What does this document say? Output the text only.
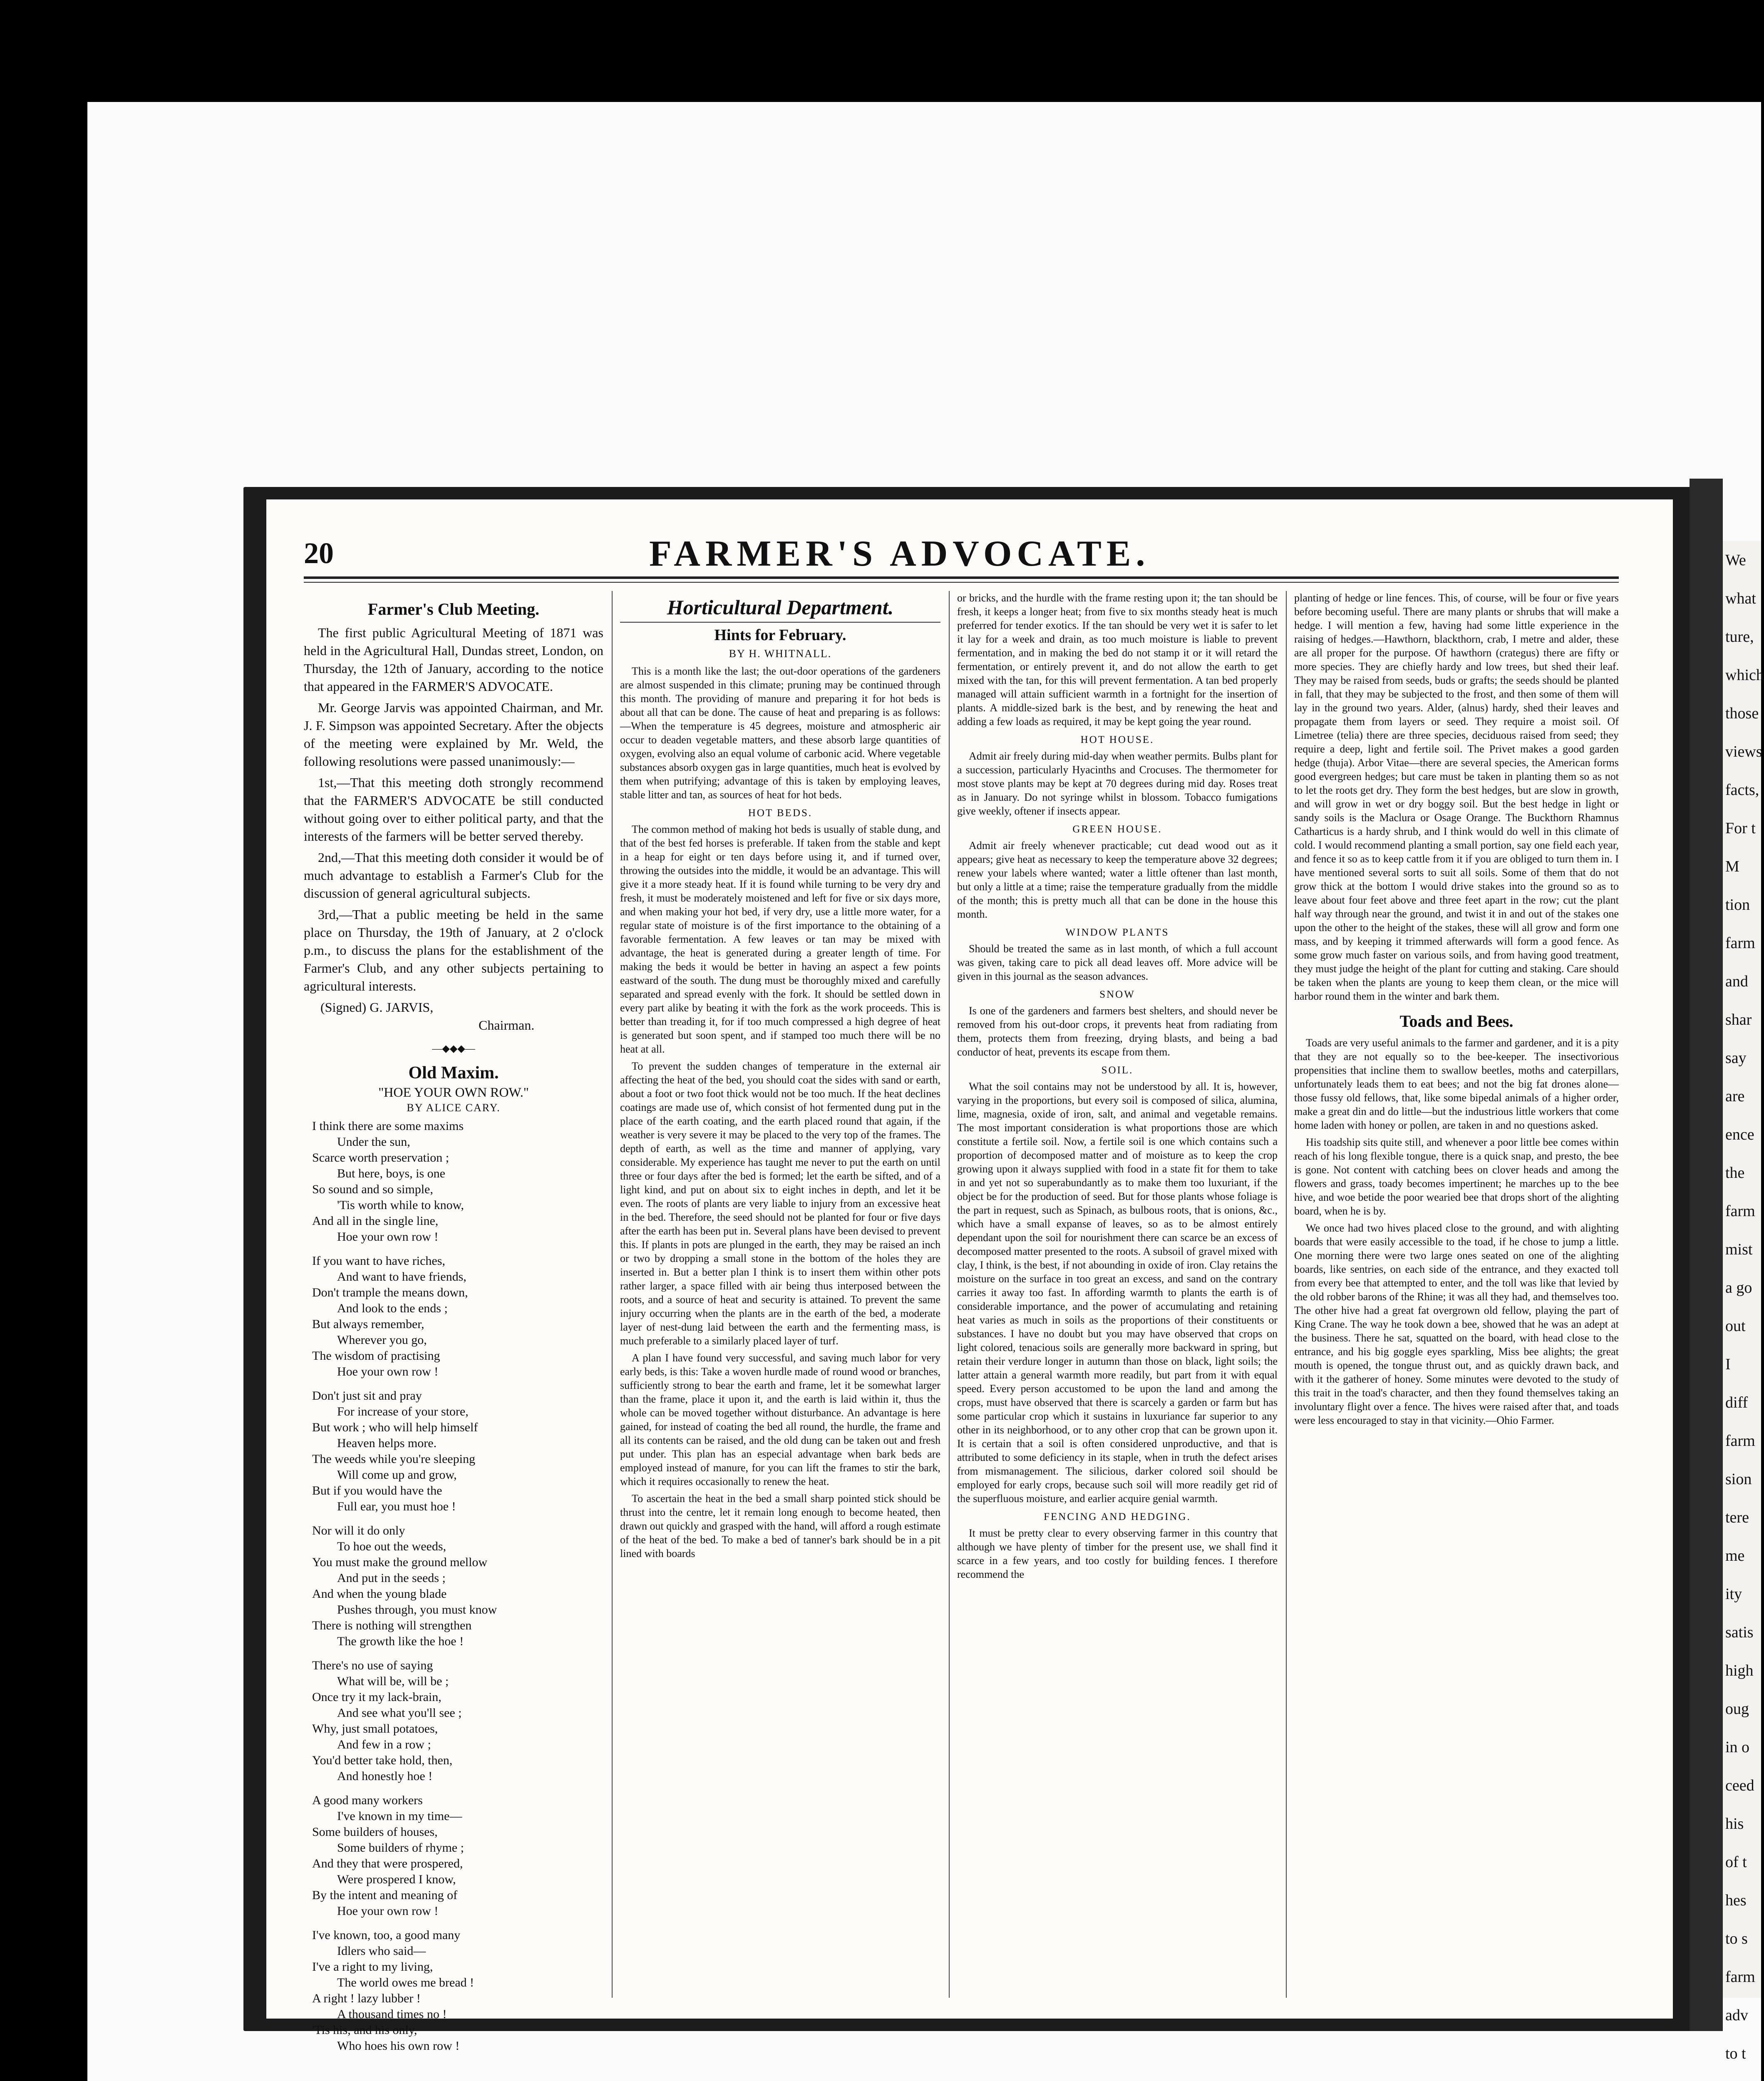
We
what
ture,
which
those
views
facts,
For t
M
tion
farm
and
shar
say
are
ence
the
farm
mist
a go
out
I
diff
farm
sion
tere
me
ity
satis
high
oug
in o
ceed
his
of t
hes
to s
farm
adv
to t
20	FARMER'S ADVOCATE.
Farmer's Club Meeting.

The first public Agricultural Meeting of 1871 was held in the Agricultural Hall, Dundas street, London, on Thursday, the 12th of January, according to the notice that appeared in the FARMER'S ADVOCATE.

Mr. George Jarvis was appointed Chairman, and Mr. J. F. Simpson was appointed Secretary. After the objects of the meeting were explained by Mr. Weld, the following resolutions were passed unanimously:—

1st,—That this meeting doth strongly recommend that the FARMER'S ADVOCATE be still conducted without going over to either political party, and that the interests of the farmers will be better served thereby.

2nd,—That this meeting doth consider it would be of much advantage to establish a Farmer's Club for the discussion of general agricultural subjects.

3rd,—That a public meeting be held in the same place on Thursday, the 19th of January, at 2 o'clock p.m., to discuss the plans for the establishment of the Farmer's Club, and any other subjects pertaining to agricultural interests.

(Signed) G. JARVIS,
Chairman.
—◆◆◆—
Old Maxim.
"HOE YOUR OWN ROW."
BY ALICE CARY.
I think there are some maxims
Under the sun,
Scarce worth preservation ;
But here, boys, is one
So sound and so simple,
'Tis worth while to know,
And all in the single line,
Hoe your own row !
If you want to have riches,
And want to have friends,
Don't trample the means down,
And look to the ends ;
But always remember,
Wherever you go,
The wisdom of practising
Hoe your own row !
Don't just sit and pray
For increase of your store,
But work ; who will help himself
Heaven helps more.
The weeds while you're sleeping
Will come up and grow,
But if you would have the
Full ear, you must hoe !
Nor will it do only
To hoe out the weeds,
You must make the ground mellow
And put in the seeds ;
And when the young blade
Pushes through, you must know
There is nothing will strengthen
The growth like the hoe !
There's no use of saying
What will be, will be ;
Once try it my lack-brain,
And see what you'll see ;
Why, just small potatoes,
And few in a row ;
You'd better take hold, then,
And honestly hoe !
A good many workers
I've known in my time—
Some builders of houses,
Some builders of rhyme ;
And they that were prospered,
Were prospered I know,
By the intent and meaning of
Hoe your own row !
I've known, too, a good many
Idlers who said—
I've a right to my living,
The world owes me bread !
A right ! lazy lubber !
A thousand times no !
'Tis his, and his only,
Who hoes his own row !
Horticultural Department.
Hints for February.
BY H. WHITNALL.

This is a month like the last; the out-door operations of the gardeners are almost suspended in this climate; pruning may be continued through this month. The providing of manure and preparing it for hot beds is about all that can be done. The cause of heat and preparing is as follows:—When the temperature is 45 degrees, moisture and atmospheric air occur to deaden vegetable matters, and these absorb large quantities of oxygen, evolving also an equal volume of carbonic acid. Where vegetable substances absorb oxygen gas in large quantities, much heat is evolved by them when putrifying; advantage of this is taken by employing leaves, stable litter and tan, as sources of heat for hot beds.

HOT BEDS.

The common method of making hot beds is usually of stable dung, and that of the best fed horses is preferable. If taken from the stable and kept in a heap for eight or ten days before using it, and if turned over, throwing the outsides into the middle, it would be an advantage. This will give it a more steady heat. If it is found while turning to be very dry and fresh, it must be moderately moistened and left for five or six days more, and when making your hot bed, if very dry, use a little more water, for a regular state of moisture is of the first importance to the obtaining of a favorable fermentation. A few leaves or tan may be mixed with advantage, the heat is generated during a greater length of time. For making the beds it would be better in having an aspect a few points eastward of the south. The dung must be thoroughly mixed and carefully separated and spread evenly with the fork. It should be settled down in every part alike by beating it with the fork as the work proceeds. This is better than treading it, for if too much compressed a high degree of heat is generated but soon spent, and if stamped too much there will be no heat at all.

To prevent the sudden changes of temperature in the external air affecting the heat of the bed, you should coat the sides with sand or earth, about a foot or two foot thick would not be too much. If the heat declines coatings are made use of, which consist of hot fermented dung put in the place of the earth coating, and the earth placed round that again, if the weather is very severe it may be placed to the very top of the frames. The depth of earth, as well as the time and manner of applying, vary considerable. My experience has taught me never to put the earth on until three or four days after the bed is formed; let the earth be sifted, and of a light kind, and put on about six to eight inches in depth, and let it be even. The roots of plants are very liable to injury from an excessive heat in the bed. Therefore, the seed should not be planted for four or five days after the earth has been put in. Several plans have been devised to prevent this. If plants in pots are plunged in the earth, they may be raised an inch or two by dropping a small stone in the bottom of the holes they are inserted in. But a better plan I think is to insert them within other pots rather larger, a space filled with air being thus interposed between the roots, and a source of heat and security is attained. To prevent the same injury occurring when the plants are in the earth of the bed, a moderate layer of nest-dung laid between the earth and the fermenting mass, is much preferable to a similarly placed layer of turf.

A plan I have found very successful, and saving much labor for very early beds, is this: Take a woven hurdle made of round wood or branches, sufficiently strong to bear the earth and frame, let it be somewhat larger than the frame, place it upon it, and the earth is laid within it, thus the whole can be moved together without disturbance. An advantage is here gained, for instead of coating the bed all round, the hurdle, the frame and all its contents can be raised, and the old dung can be taken out and fresh put under. This plan has an especial advantage when bark beds are employed instead of manure, for you can lift the frames to stir the bark, which it requires occasionally to renew the heat.

To ascertain the heat in the bed a small sharp pointed stick should be thrust into the centre, let it remain long enough to become heated, then drawn out quickly and grasped with the hand, will afford a rough estimate of the heat of the bed. To make a bed of tanner's bark should be in a pit lined with boards

or bricks, and the hurdle with the frame resting upon it; the tan should be fresh, it keeps a longer heat; from five to six months steady heat is much preferred for tender exotics. If the tan should be very wet it is safer to let it lay for a week and drain, as too much moisture is liable to prevent fermentation, and in making the bed do not stamp it or it will retard the fermentation, or entirely prevent it, and do not allow the earth to get mixed with the tan, for this will prevent fermentation. A tan bed properly managed will attain sufficient warmth in a fortnight for the insertion of plants. A middle-sized bark is the best, and by renewing the heat and adding a few loads as required, it may be kept going the year round.

HOT HOUSE.

Admit air freely during mid-day when weather permits. Bulbs plant for a succession, particularly Hyacinths and Crocuses. The thermometer for most stove plants may be kept at 70 degrees during mid day. Roses treat as in January. Do not syringe whilst in blossom. Tobacco fumigations give weekly, oftener if insects appear.

GREEN HOUSE.

Admit air freely whenever practicable; cut dead wood out as it appears; give heat as necessary to keep the temperature above 32 degrees; renew your labels where wanted; water a little oftener than last month, but only a little at a time; raise the temperature gradually from the middle of the month; this is pretty much all that can be done in the house this month.

WINDOW PLANTS

Should be treated the same as in last month, of which a full account was given, taking care to pick all dead leaves off. More advice will be given in this journal as the season advances.

SNOW

Is one of the gardeners and farmers best shelters, and should never be removed from his out-door crops, it prevents heat from radiating from them, protects them from freezing, drying blasts, and being a bad conductor of heat, prevents its escape from them.

SOIL.

What the soil contains may not be understood by all. It is, however, varying in the proportions, but every soil is composed of silica, alumina, lime, magnesia, oxide of iron, salt, and animal and vegetable remains. The most important consideration is what proportions those are which constitute a fertile soil. Now, a fertile soil is one which contains such a proportion of decomposed matter and of moisture as to keep the crop growing upon it always supplied with food in a state fit for them to take in and yet not so superabundantly as to make them too luxuriant, if the object be for the production of seed. But for those plants whose foliage is the part in request, such as Spinach, as bulbous roots, that is onions, &c., which have a small expanse of leaves, so as to be almost entirely dependant upon the soil for nourishment there can scarce be an excess of decomposed matter presented to the roots. A subsoil of gravel mixed with clay, I think, is the best, if not abounding in oxide of iron. Clay retains the moisture on the surface in too great an excess, and sand on the contrary carries it away too fast. In affording warmth to plants the earth is of considerable importance, and the power of accumulating and retaining heat varies as much in soils as the proportions of their constituents or substances. I have no doubt but you may have observed that crops on light colored, tenacious soils are generally more backward in spring, but retain their verdure longer in autumn than those on black, light soils; the latter attain a general warmth more readily, but part from it with equal speed. Every person accustomed to be upon the land and among the crops, must have observed that there is scarcely a garden or farm but has some particular crop which it sustains in luxuriance far superior to any other in its neighborhood, or to any other crop that can be grown upon it. It is certain that a soil is often considered unproductive, and that is attributed to some deficiency in its staple, when in truth the defect arises from mismanagement. The silicious, darker colored soil should be employed for early crops, because such soil will more readily get rid of the superfluous moisture, and earlier acquire genial warmth.

FENCING AND HEDGING.

It must be pretty clear to every observing farmer in this country that although we have plenty of timber for the present use, we shall find it scarce in a few years, and too costly for building fences. I therefore recommend the

planting of hedge or line fences. This, of course, will be four or five years before becoming useful. There are many plants or shrubs that will make a hedge. I will mention a few, having had some little experience in the raising of hedges.—Hawthorn, blackthorn, crab, I metre and alder, these are all proper for the purpose. Of hawthorn (crategus) there are fifty or more species. They are chiefly hardy and low trees, but shed their leaf. They may be raised from seeds, buds or grafts; the seeds should be planted in fall, that they may be subjected to the frost, and then some of them will lay in the ground two years. Alder, (alnus) hardy, shed their leaves and propagate them from layers or seed. They require a moist soil. Of Limetree (telia) there are three species, deciduous raised from seed; they require a deep, light and fertile soil. The Privet makes a good garden hedge (thuja). Arbor Vitae—there are several species, the American forms good evergreen hedges; but care must be taken in planting them so as not to let the roots get dry. They form the best hedges, but are slow in growth, and will grow in wet or dry boggy soil. But the best hedge in light or sandy soils is the Maclura or Osage Orange. The Buckthorn Rhamnus Catharticus is a hardy shrub, and I think would do well in this climate of cold. I would recommend planting a small portion, say one field each year, and fence it so as to keep cattle from it if you are obliged to turn them in. I have mentioned several sorts to suit all soils. Some of them that do not grow thick at the bottom I would drive stakes into the ground so as to leave about four feet above and three feet apart in the row; cut the plant half way through near the ground, and twist it in and out of the stakes one upon the other to the height of the stakes, these will all grow and form one mass, and by keeping it trimmed afterwards will form a good fence. As some grow much faster on various soils, and from having good treatment, they must judge the height of the plant for cutting and staking. Care should be taken when the plants are young to keep them clean, or the mice will harbor round them in the winter and bark them.

Toads and Bees.

Toads are very useful animals to the farmer and gardener, and it is a pity that they are not equally so to the bee-keeper. The insectivorious propensities that incline them to swallow beetles, moths and caterpillars, unfortunately leads them to eat bees; and not the big fat drones alone—those fussy old fellows, that, like some bipedal animals of a higher order, make a great din and do little—but the industrious little workers that come home laden with honey or pollen, are taken in and no questions asked.

His toadship sits quite still, and whenever a poor little bee comes within reach of his long flexible tongue, there is a quick snap, and presto, the bee is gone. Not content with catching bees on clover heads and among the flowers and grass, toady becomes impertinent; he marches up to the bee hive, and woe betide the poor wearied bee that drops short of the alighting board, when he is by.

We once had two hives placed close to the ground, and with alighting boards that were easily accessible to the toad, if he chose to jump a little. One morning there were two large ones seated on one of the alighting boards, like sentries, on each side of the entrance, and they exacted toll from every bee that attempted to enter, and the toll was like that levied by the old robber barons of the Rhine; it was all they had, and themselves too. The other hive had a great fat overgrown old fellow, playing the part of King Crane. The way he took down a bee, showed that he was an adept at the business. There he sat, squatted on the board, with head close to the entrance, and his big goggle eyes sparkling, Miss bee alights; the great mouth is opened, the tongue thrust out, and as quickly drawn back, and with it the gatherer of honey. Some minutes were devoted to the study of this trait in the toad's character, and then they found themselves taking an involuntary flight over a fence. The hives were raised after that, and toads were less encouraged to stay in that vicinity.—Ohio Farmer.
